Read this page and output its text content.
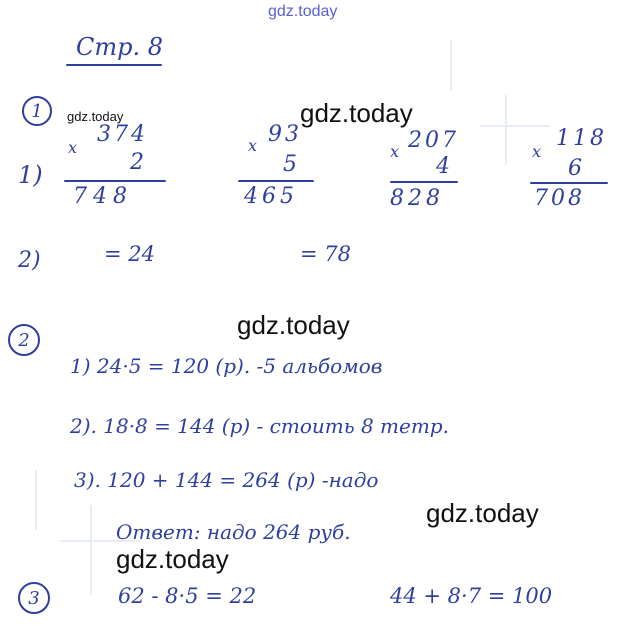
gdz.today
Стр. 8
1	gdz.today	gdz.today
1)
x
374
2
748
x 93
5
465
x 207
4
828
x
118
6
708
2)	= 24	= 78
2	gdz.today
1) 24·5 = 120 (р). -5 альбомов
2). 18·8 = 144 (р) - стоить 8 тетр.
3). 120 + 144 = 264 (р) -надо
gdz.today
Ответ: надо 264 руб.
gdz.today
3	62 - 8·5 = 22	44 + 8·7 = 100
